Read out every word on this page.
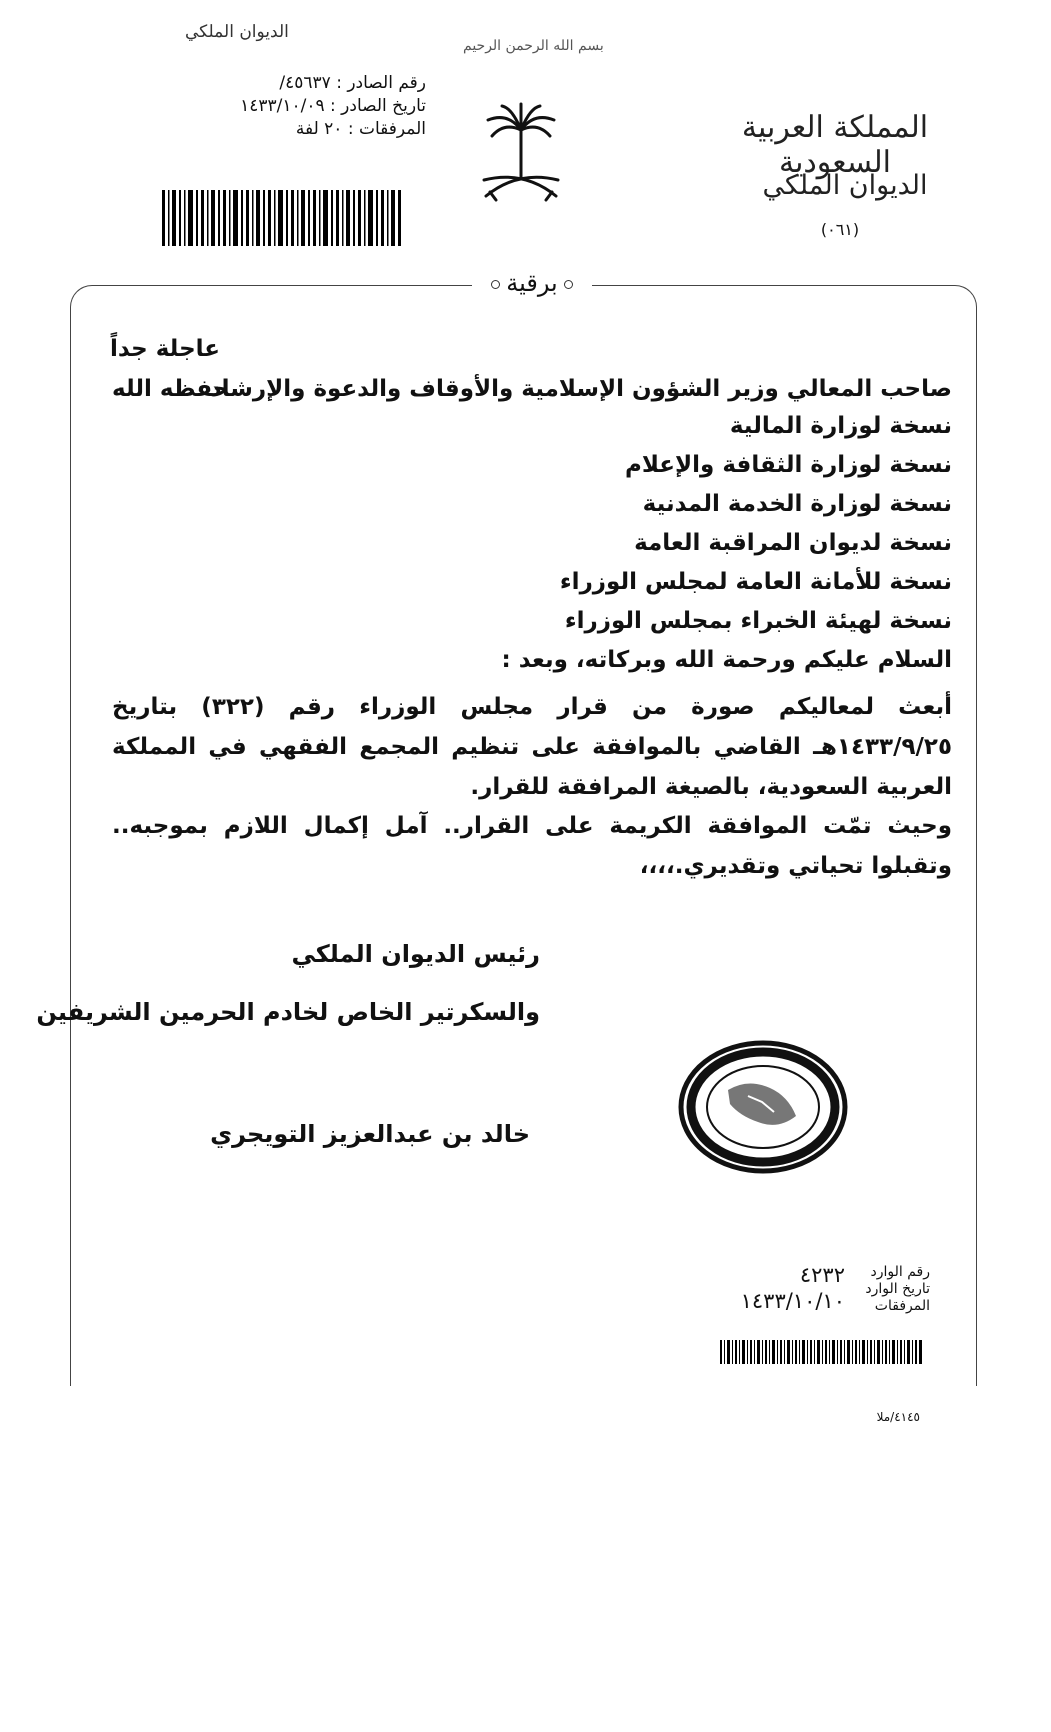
الديوان الملكي
بسم الله الرحمن الرحيم
رقم الصادر : ٤٥٦٣٧/
تاريخ الصادر : ١٤٣٣/١٠/٠٩
المرفقات : ٢٠ لفة	المملكة العربية السعودية
الديوان الملكي
(٠٦١)
برقية
عاجلة جداً
صاحب المعالي وزير الشؤون الإسلامية والأوقاف والدعوة والإرشاد
حفظه الله
نسخة لوزارة المالية
نسخة لوزارة الثقافة والإعلام
نسخة لوزارة الخدمة المدنية
نسخة لديوان المراقبة العامة
نسخة للأمانة العامة لمجلس الوزراء
نسخة لهيئة الخبراء بمجلس الوزراء
السلام عليكم ورحمة الله وبركاته، وبعد :
أبعث لمعاليكم صورة من قرار مجلس الوزراء رقم (٣٢٢) بتاريخ ١٤٣٣/٩/٢٥هـ القاضي بالموافقة على تنظيم المجمع الفقهي في المملكة العربية السعودية، بالصيغة المرافقة للقرار.
وحيث تمّت الموافقة الكريمة على القرار.. آمل إكمال اللازم بموجبه.. وتقبلوا تحياتي وتقديري.،،،،
رئيس الديوان الملكي
والسكرتير الخاص لخادم الحرمين الشريفين
خالد بن عبدالعزيز التويجري
رقم الوارد
تاريخ الوارد
المرفقات
٤٢٣٢
١٤٣٣/١٠/١٠
٤١٤٥/ملا
